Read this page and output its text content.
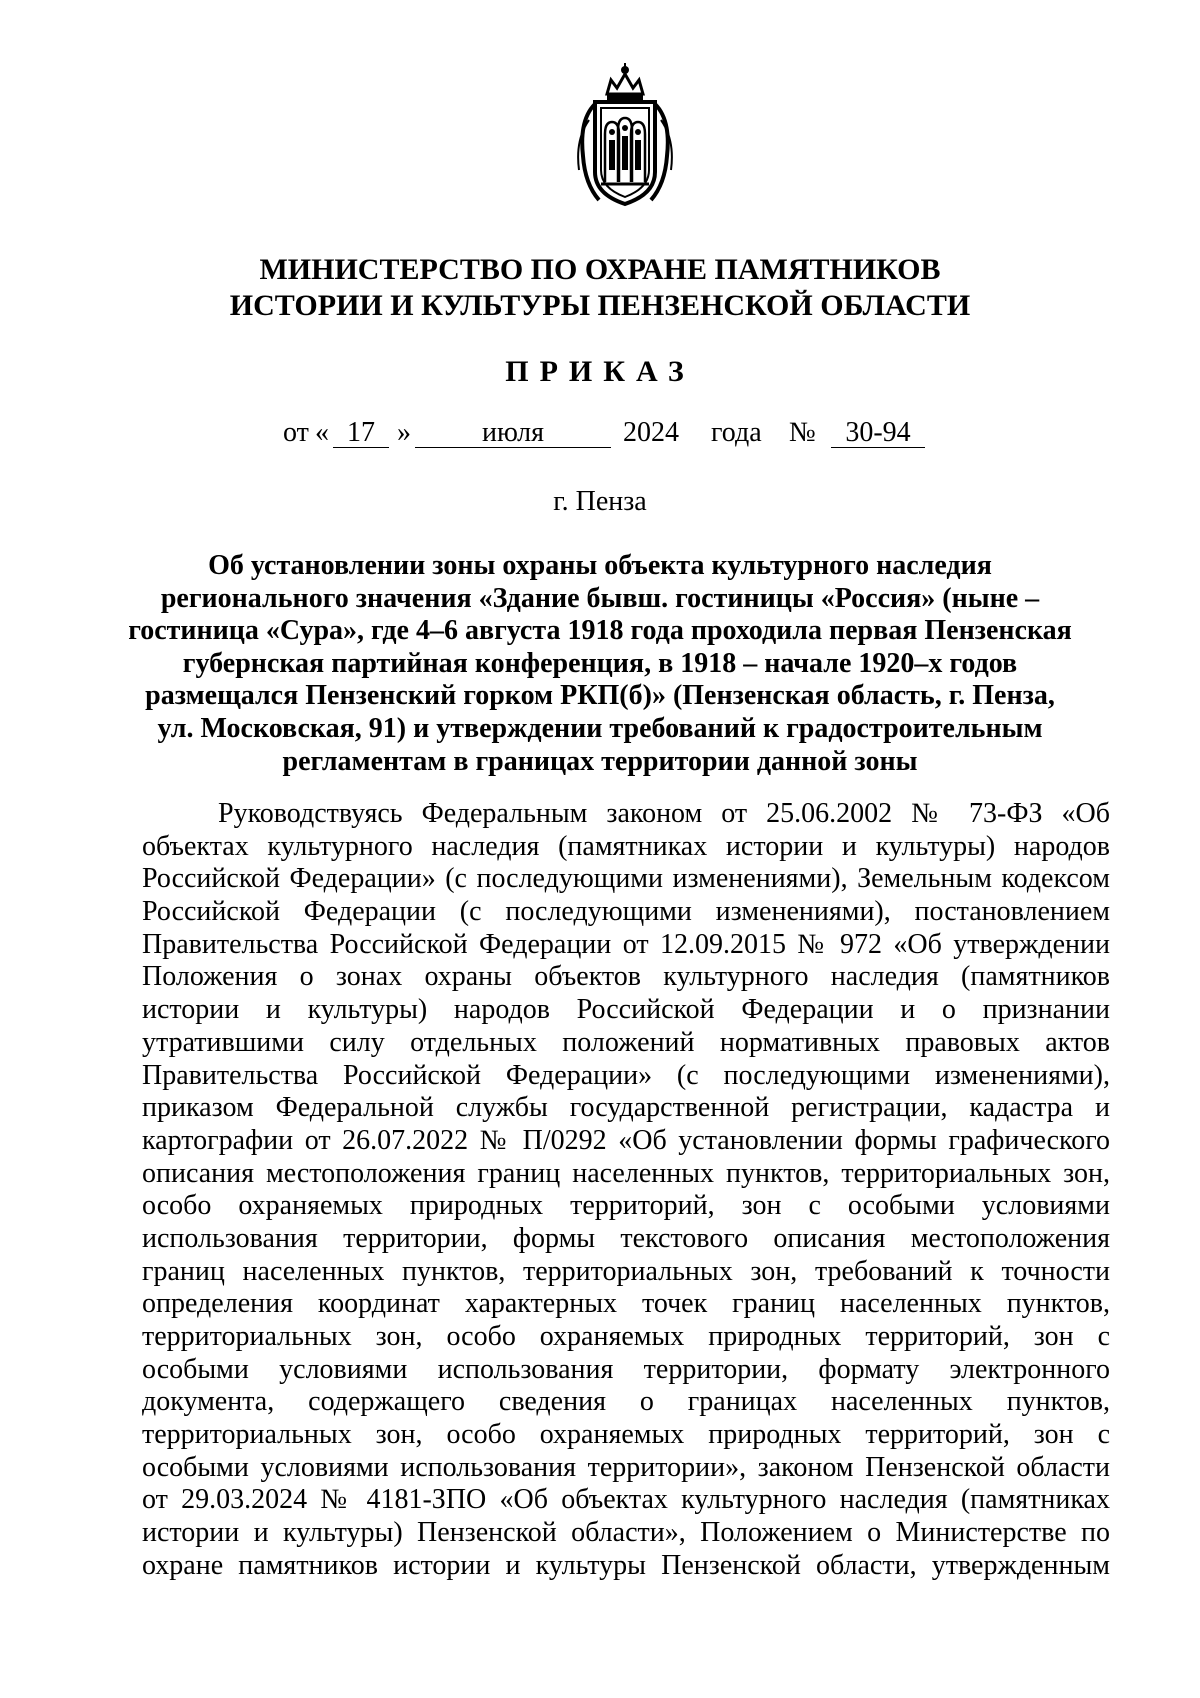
МИНИСТЕРСТВО ПО ОХРАНЕ ПАМЯТНИКОВ
ИСТОРИИ И КУЛЬТУРЫ ПЕНЗЕНСКОЙ ОБЛАСТИ
ПРИКАЗ
от « 17 »	июля	2024 года №	30-94
г. Пенза
Об установлении зоны охраны объекта культурного наследия
регионального значения «Здание бывш. гостиницы «Россия» (ныне –
гостиница «Сура», где 4–6 августа 1918 года проходила первая Пензенская
губернская партийная конференция, в 1918 – начале 1920–х годов
размещался Пензенский горком РКП(б)» (Пензенская область, г. Пенза,
ул. Московская, 91) и утверждении требований к градостроительным
регламентам в границах территории данной зоны
Руководствуясь Федеральным законом от 25.06.2002 № 73-ФЗ «Об
объектах культурного наследия (памятниках истории и культуры) народов
Российской Федерации» (с последующими изменениями), Земельным кодексом
Российской Федерации (с последующими изменениями), постановлением
Правительства Российской Федерации от 12.09.2015 № 972 «Об утверждении
Положения о зонах охраны объектов культурного наследия (памятников
истории и культуры) народов Российской Федерации и о признании
утратившими силу отдельных положений нормативных правовых актов
Правительства Российской Федерации» (с последующими изменениями),
приказом Федеральной службы государственной регистрации, кадастра и
картографии от 26.07.2022 № П/0292 «Об установлении формы графического
описания местоположения границ населенных пунктов, территориальных зон,
особо охраняемых природных территорий, зон с особыми условиями
использования территории, формы текстового описания местоположения
границ населенных пунктов, территориальных зон, требований к точности
определения координат характерных точек границ населенных пунктов,
территориальных зон, особо охраняемых природных территорий, зон с
особыми условиями использования территории, формату электронного
документа, содержащего сведения о границах населенных пунктов,
территориальных зон, особо охраняемых природных территорий, зон с
особыми условиями использования территории», законом Пензенской области
от 29.03.2024 № 4181-ЗПО «Об объектах культурного наследия (памятниках
истории и культуры) Пензенской области», Положением о Министерстве по
охране памятников истории и культуры Пензенской области, утвержденным
